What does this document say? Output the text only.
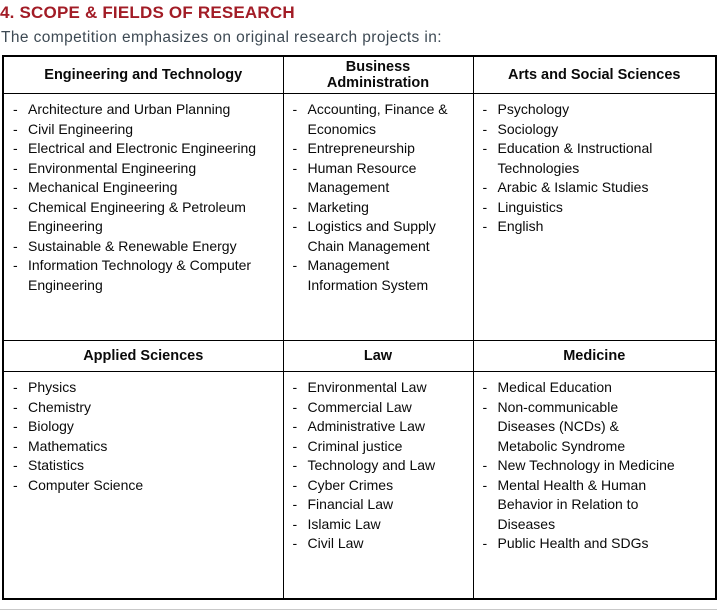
4. SCOPE & FIELDS OF RESEARCH

The competition emphasizes on original research projects in:

Engineering and Technology	Business Administration	Arts and Social Sciences

- Architecture and Urban Planning
- Civil Engineering
- Electrical and Electronic Engineering
- Environmental Engineering
- Mechanical Engineering
- Chemical Engineering & Petroleum Engineering
- Sustainable & Renewable Energy
- Information Technology & Computer Engineering

- Accounting, Finance & Economics
- Entrepreneurship
- Human Resource Management
- Marketing
- Logistics and Supply Chain Management
- Management Information System

- Psychology
- Sociology
- Education & Instructional Technologies
- Arabic & Islamic Studies
- Linguistics
- English

Applied Sciences	Law	Medicine

- Physics
- Chemistry
- Biology
- Mathematics
- Statistics
- Computer Science

- Environmental Law
- Commercial Law
- Administrative Law
- Criminal justice
- Technology and Law
- Cyber Crimes
- Financial Law
- Islamic Law
- Civil Law

- Medical Education
- Non-communicable Diseases (NCDs) & Metabolic Syndrome
- New Technology in Medicine
- Mental Health & Human Behavior in Relation to Diseases
- Public Health and SDGs
